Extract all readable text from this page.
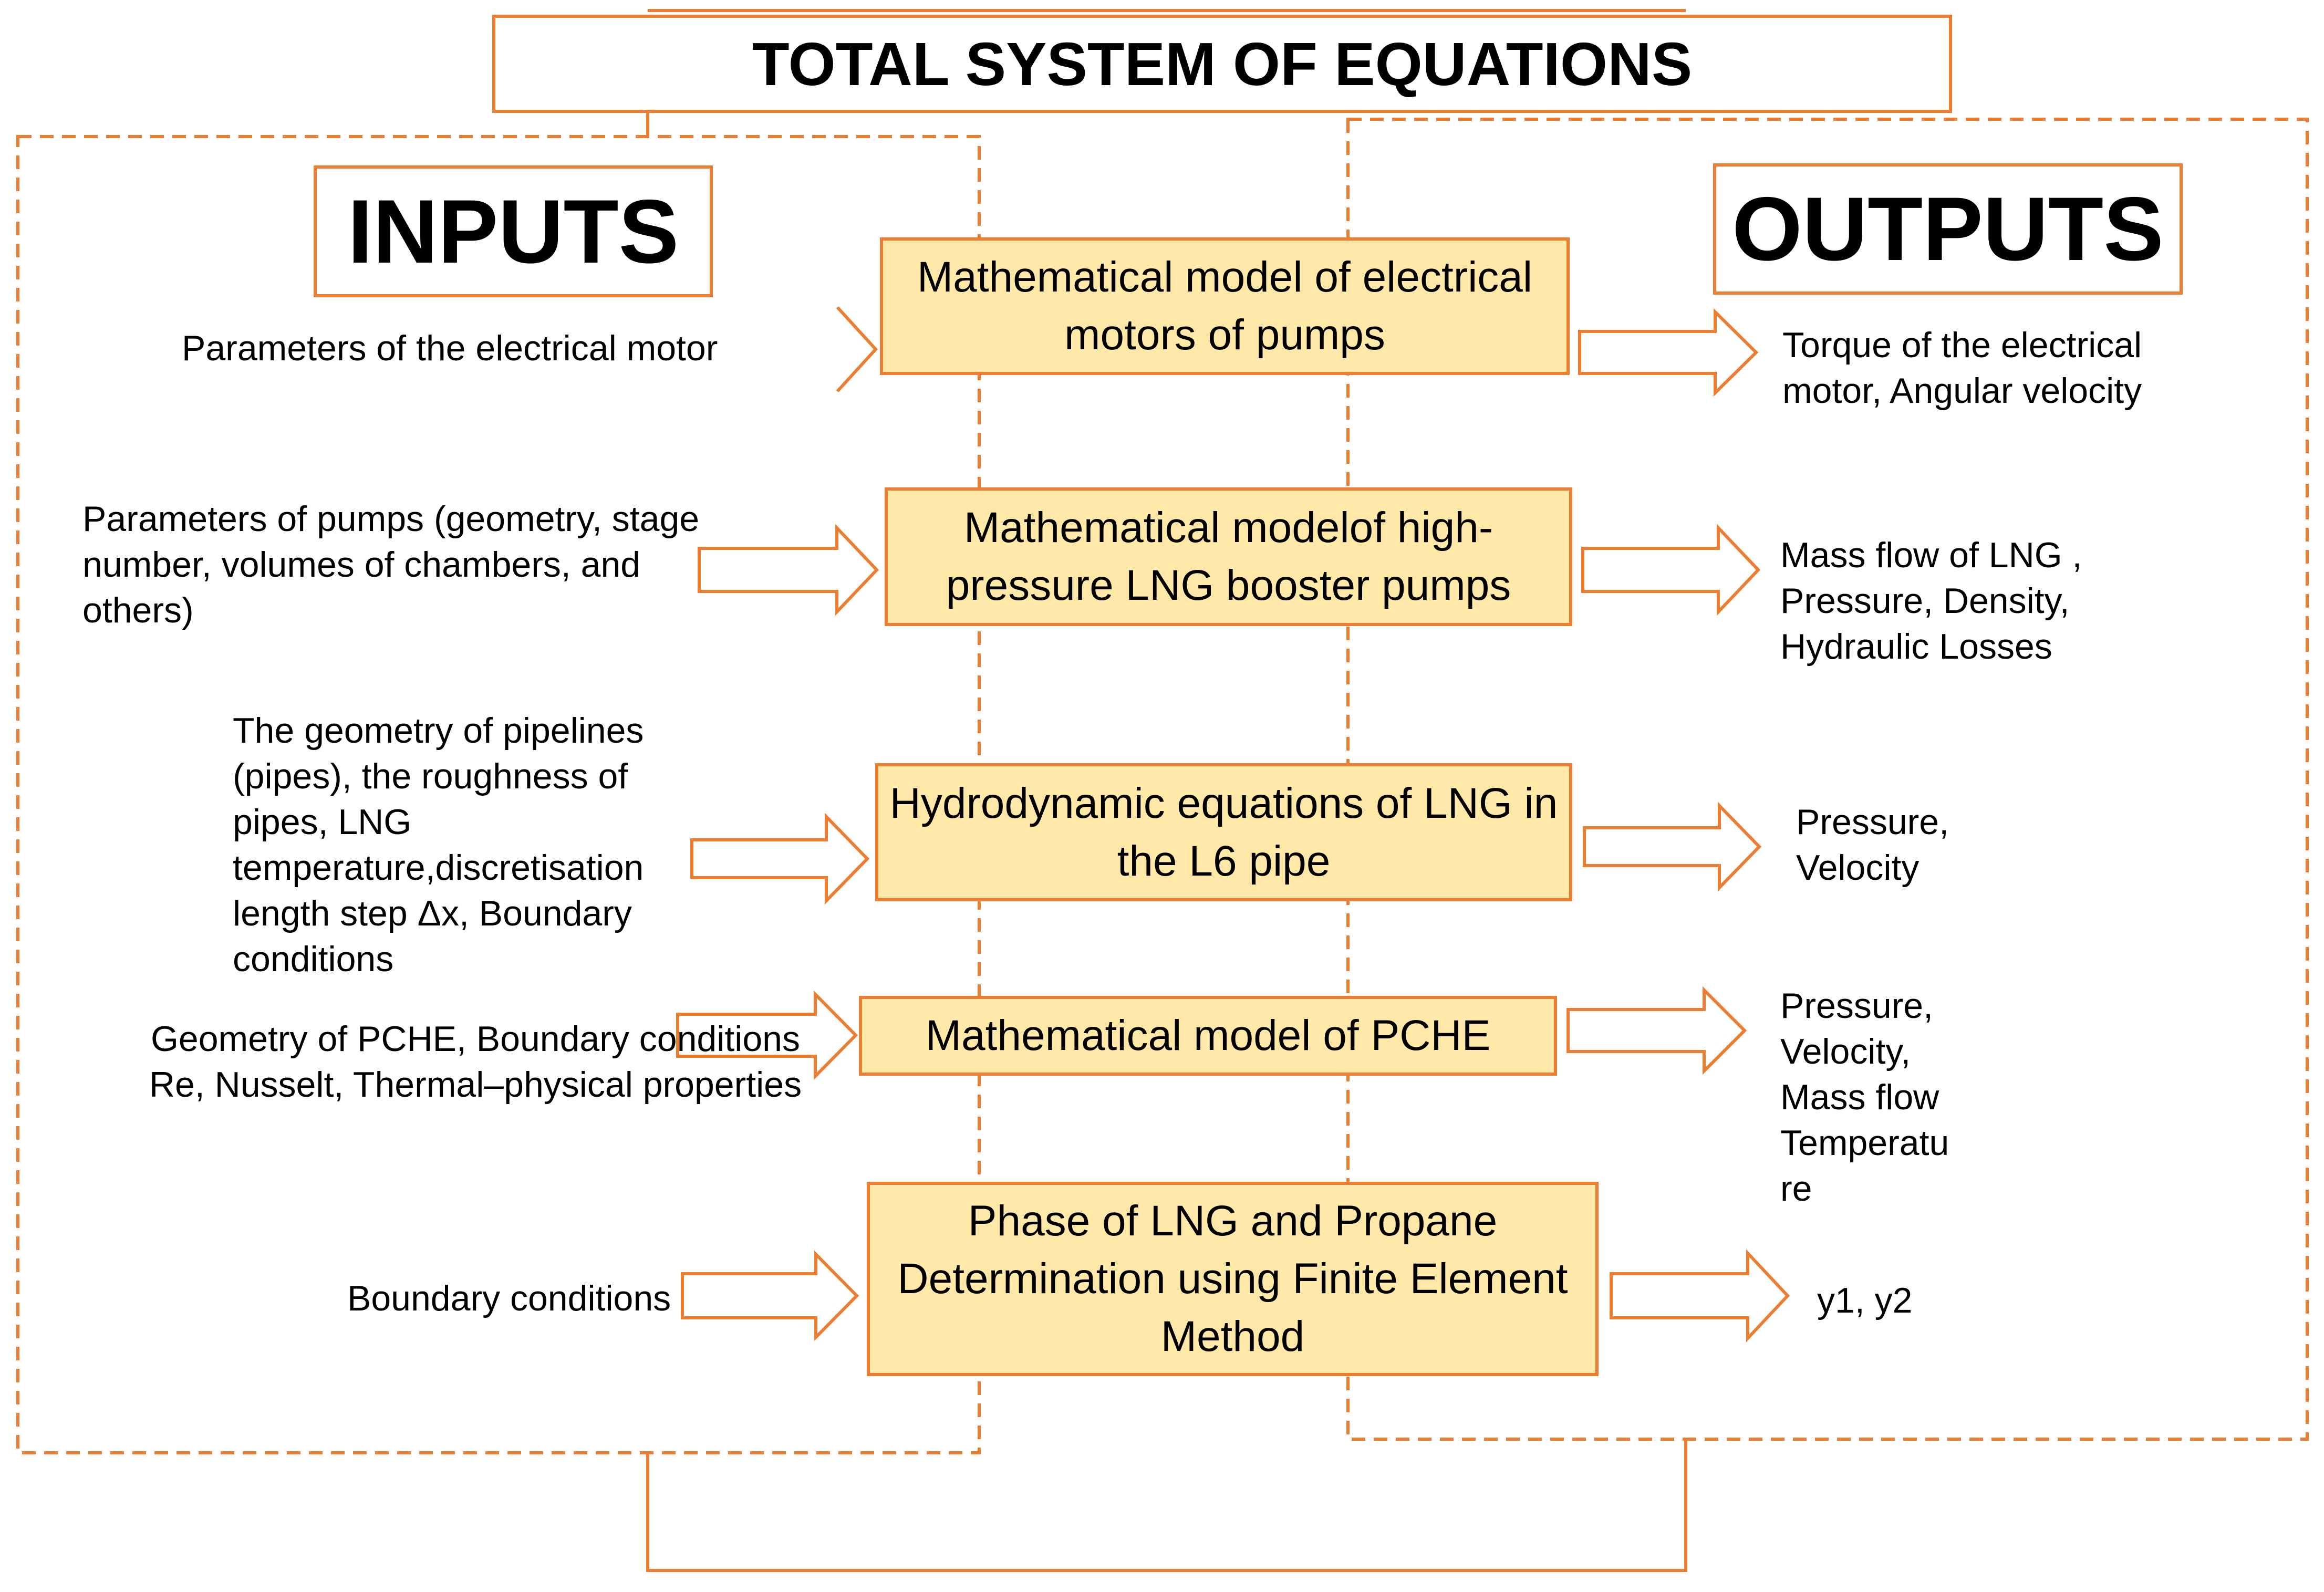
TOTAL SYSTEM OF EQUATIONS
INPUTS	OUTPUTS
Mathematical model of electrical motors of pumps
Mathematical modelof high-pressure LNG booster pumps
Hydrodynamic equations of LNG in the L6 pipe
Mathematical model of PCHE
Phase of LNG and Propane Determination using Finite Element Method
Parameters of the electrical motor
Parameters of pumps (geometry, stage number, volumes of chambers, and others)
The geometry of pipelines (pipes), the roughness of pipes, LNG temperature,discretisation length step Δx, Boundary conditions
Geometry of PCHE, Boundary conditions Re, Nusselt, Thermal–physical properties
Boundary conditions
Torque of the electrical motor, Angular velocity
Mass flow of LNG , Pressure, Density, Hydraulic Losses
Pressure, Velocity
Pressure, Velocity, Mass flow Temperatu re
y1, y2
